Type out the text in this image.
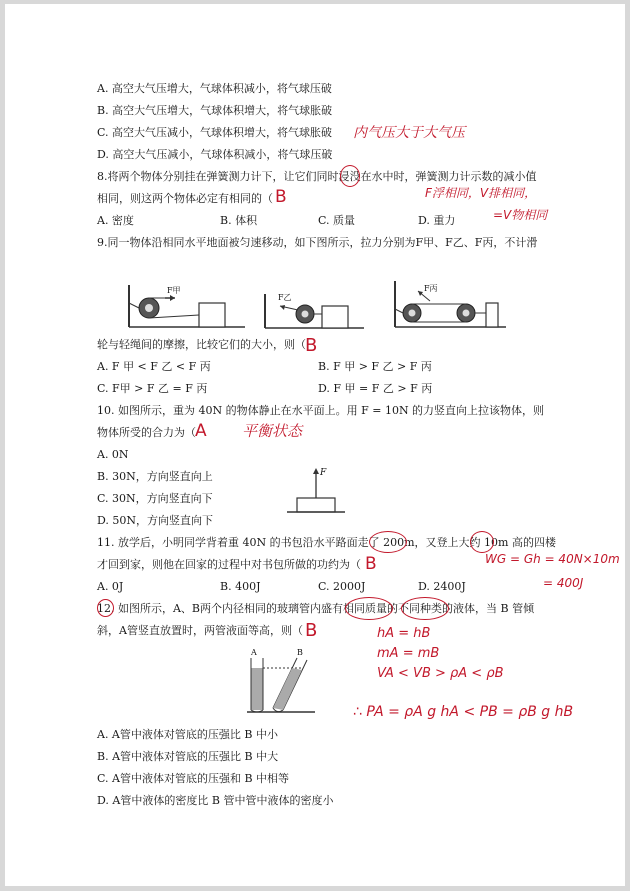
A. 高空大气压增大，气球体积减小，将气球压破
B. 高空大气压增大，气球体积增大，将气球胀破
C. 高空大气压减小，气球体积增大，将气球胀破
D. 高空大气压减小，气球体积减小，将气球压破
内气压大于大气压
8.将两个物体分别挂在弹簧测力计下，让它们同时浸没在水中时，弹簧测力计示数的减小值
相同，则这两个物体必定有相同的（ B	F浮相同，V排相同，
=V物相同
A. 密度	B. 体积	C. 质量	D. 重力
9.同一物体沿相同水平地面被匀速移动，如下图所示，拉力分别为F甲、F乙、F丙，不计滑
F甲
F乙
F丙
轮与轻绳间的摩擦，比较它们的大小，则（ B
A. F 甲 < F 乙 < F 丙	B. F 甲 > F 乙 > F 丙
C. F甲 > F 乙 = F 丙	D. F 甲 = F 乙 > F 丙
10. 如图所示，重为 40N 的物体静止在水平面上。用 F = 10N 的力竖直向上拉该物体，则
物体所受的合力为（ A 平衡状态
A. 0N
B. 30N，方向竖直向上
C. 30N，方向竖直向下
D. 50N，方向竖直向下
F
11. 放学后，小明同学背着重 40N 的书包沿水平路面走了 200m，又登上大约 10m 高的四楼
才回到家，则他在回家的过程中对书包所做的功约为（ B	WG = Gh = 40N×10m
= 400J
A. 0J	B. 400J	C. 2000J	D. 2400J
12. 如图所示，A、B两个内径相同的玻璃管内盛有相同质量的不同种类的液体，当 B 管倾
斜，A管竖直放置时，两管液面等高，则（ B
A	B
hA = hB
mA = mB
VA < VB > ρA < ρB
∴ PA = ρA g hA < PB = ρB g hB
A. A管中液体对管底的压强比 B 中小
B. A管中液体对管底的压强比 B 中大
C. A管中液体对管底的压强和 B 中相等
D. A管中液体的密度比 B 管中管中液体的密度小
